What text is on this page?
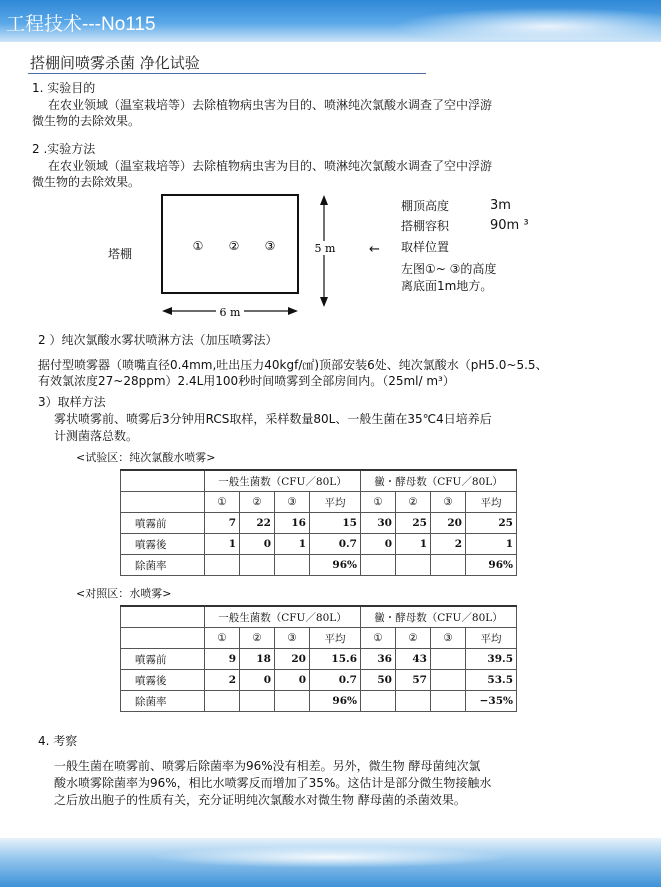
工程技术---No115
搭棚间喷雾杀菌 净化试验
1. 实验目的
在农业领域（温室栽培等）去除植物病虫害为目的、喷淋纯次氯酸水调查了空中浮游
微生物的去除效果。
2 .实验方法
在农业领域（温室栽培等）去除植物病虫害为目的、喷淋纯次氯酸水调查了空中浮游
微生物的去除效果。
塔棚	5 m
6 m
① ② ③	←
棚顶高度	3m
搭棚容积	90m ³
取样位置
左图①~ ③的高度
离底面1m地方。
2 ）纯次氯酸水雾状喷淋方法（加压喷雾法）
据付型喷雾器（喷嘴直径0.4mm,吐出压力40kgf/㎠)顶部安装6处、纯次氯酸水（pH5.0~5.5、
有效氯浓度27~28ppm）2.4L用100秒时间喷雾到全部房间内。（25ml/ m³）
3）取样方法
雾状喷雾前、喷雾后3分钟用RCS取样，采样数量80L、一般生菌在35℃4日培养后
计测菌落总数。
<试验区：纯次氯酸水喷雾>
	一般生菌数（CFU／80L）				黴・酵母数（CFU／80L）			
	①	②	③	平均	①	②	③	平均
噴霧前	7	22	16	15	30	25	20	25
噴霧後	1	0	1	0.7	0	1	2	1
除菌率				96%				96%
<对照区：水喷雾>
	一般生菌数（CFU／80L）				黴・酵母数（CFU／80L）			
	①	②	③	平均	①	②	③	平均
噴霧前	9	18	20	15.6	36	43		39.5
噴霧後	2	0	0	0.7	50	57		53.5
除菌率				96%				−35%
4. 考察
一般生菌在喷雾前、喷雾后除菌率为96%没有相差。另外，微生物 酵母菌纯次氯
酸水喷雾除菌率为96%，相比水喷雾反而增加了35%。这估计是部分微生物接触水
之后放出胞子的性质有关，充分证明纯次氯酸水对微生物 酵母菌的杀菌效果。
